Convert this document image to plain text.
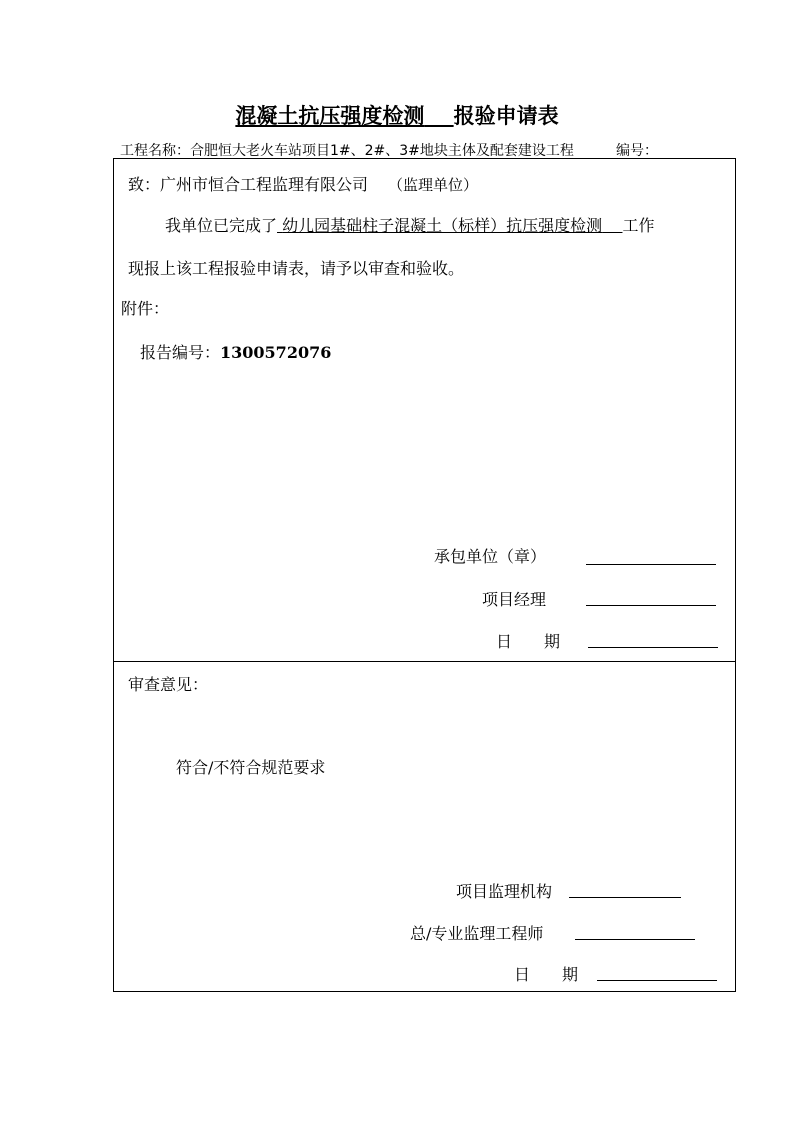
混凝土抗压强度检测 报验申请表
工程名称：合肥恒大老火车站项目1#、2#、3#地块主体及配套建设工程	编号：
致：广州市恒合工程监理有限公司 （监理单位）
我单位已完成了 幼儿园基础柱子混凝土（标样）抗压强度检测 工作
现报上该工程报验申请表，请予以审查和验收。
附件：
报告编号：1300572076
承包单位（章）
项目经理
日　　期
审查意见：
符合/不符合规范要求
项目监理机构
总/专业监理工程师
日　　期
